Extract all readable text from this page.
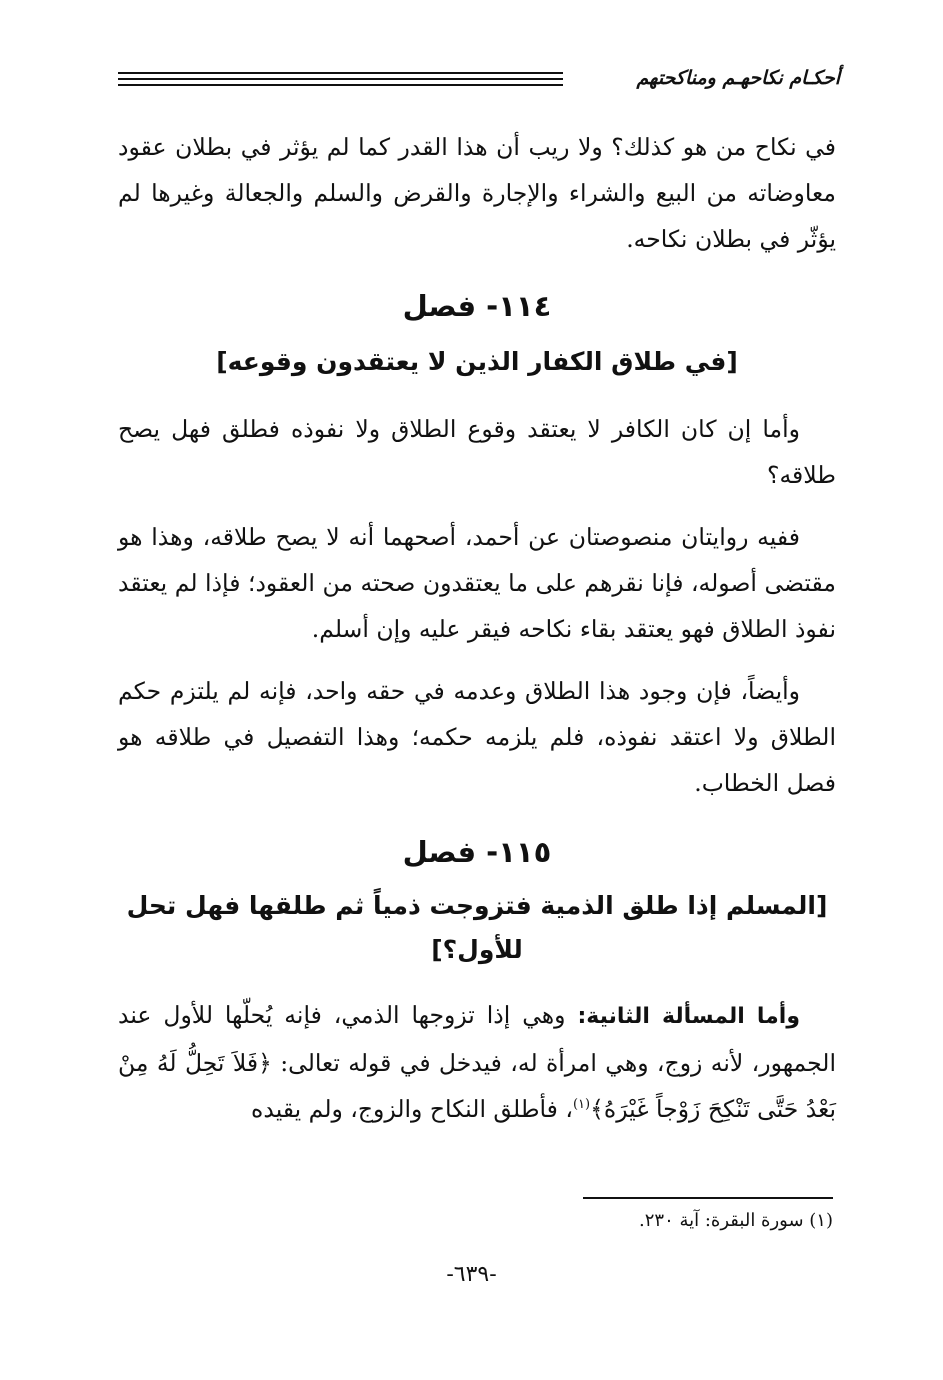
أحكـام نكاحهـم ومناكحتهم

في نكاح من هو كذلك؟ ولا ريب أن هذا القدر كما لم يؤثر في بطلان عقود معاوضاته من البيع والشراء والإجارة والقرض والسلم والجعالة وغيرها لم يؤثّر في بطلان نكاحه.

١١٤- فصل

[في طلاق الكفار الذين لا يعتقدون وقوعه]

وأما إن كان الكافر لا يعتقد وقوع الطلاق ولا نفوذه فطلق فهل يصح طلاقه؟

ففيه روايتان منصوصتان عن أحمد، أصحهما أنه لا يصح طلاقه، وهذا هو مقتضى أصوله، فإنا نقرهم على ما يعتقدون صحته من العقود؛ فإذا لم يعتقد نفوذ الطلاق فهو يعتقد بقاء نكاحه فيقر عليه وإن أسلم.

وأيضاً، فإن وجود هذا الطلاق وعدمه في حقه واحد، فإنه لم يلتزم حكم الطلاق ولا اعتقد نفوذه، فلم يلزمه حكمه؛ وهذا التفصيل في طلاقه هو فصل الخطاب.

١١٥- فصل

[المسلم إذا طلق الذمية فتزوجت ذمياً ثم طلقها فهل تحل للأول؟]

وأما المسألة الثانية: وهي إذا تزوجها الذمي، فإنه يُحلّها للأول عند الجمهور، لأنه زوج، وهي امرأة له، فيدخل في قوله تعالى: ﴿فَلاَ تَحِلُّ لَهُ مِنْ بَعْدُ حَتَّى تَنْكِحَ زَوْجاً غَيْرَهُ﴾$^{(١)}$، فأطلق النكاح والزوج، ولم يقيده

(١) سورة البقرة: آية ٢٣٠.
-٦٣٩-
